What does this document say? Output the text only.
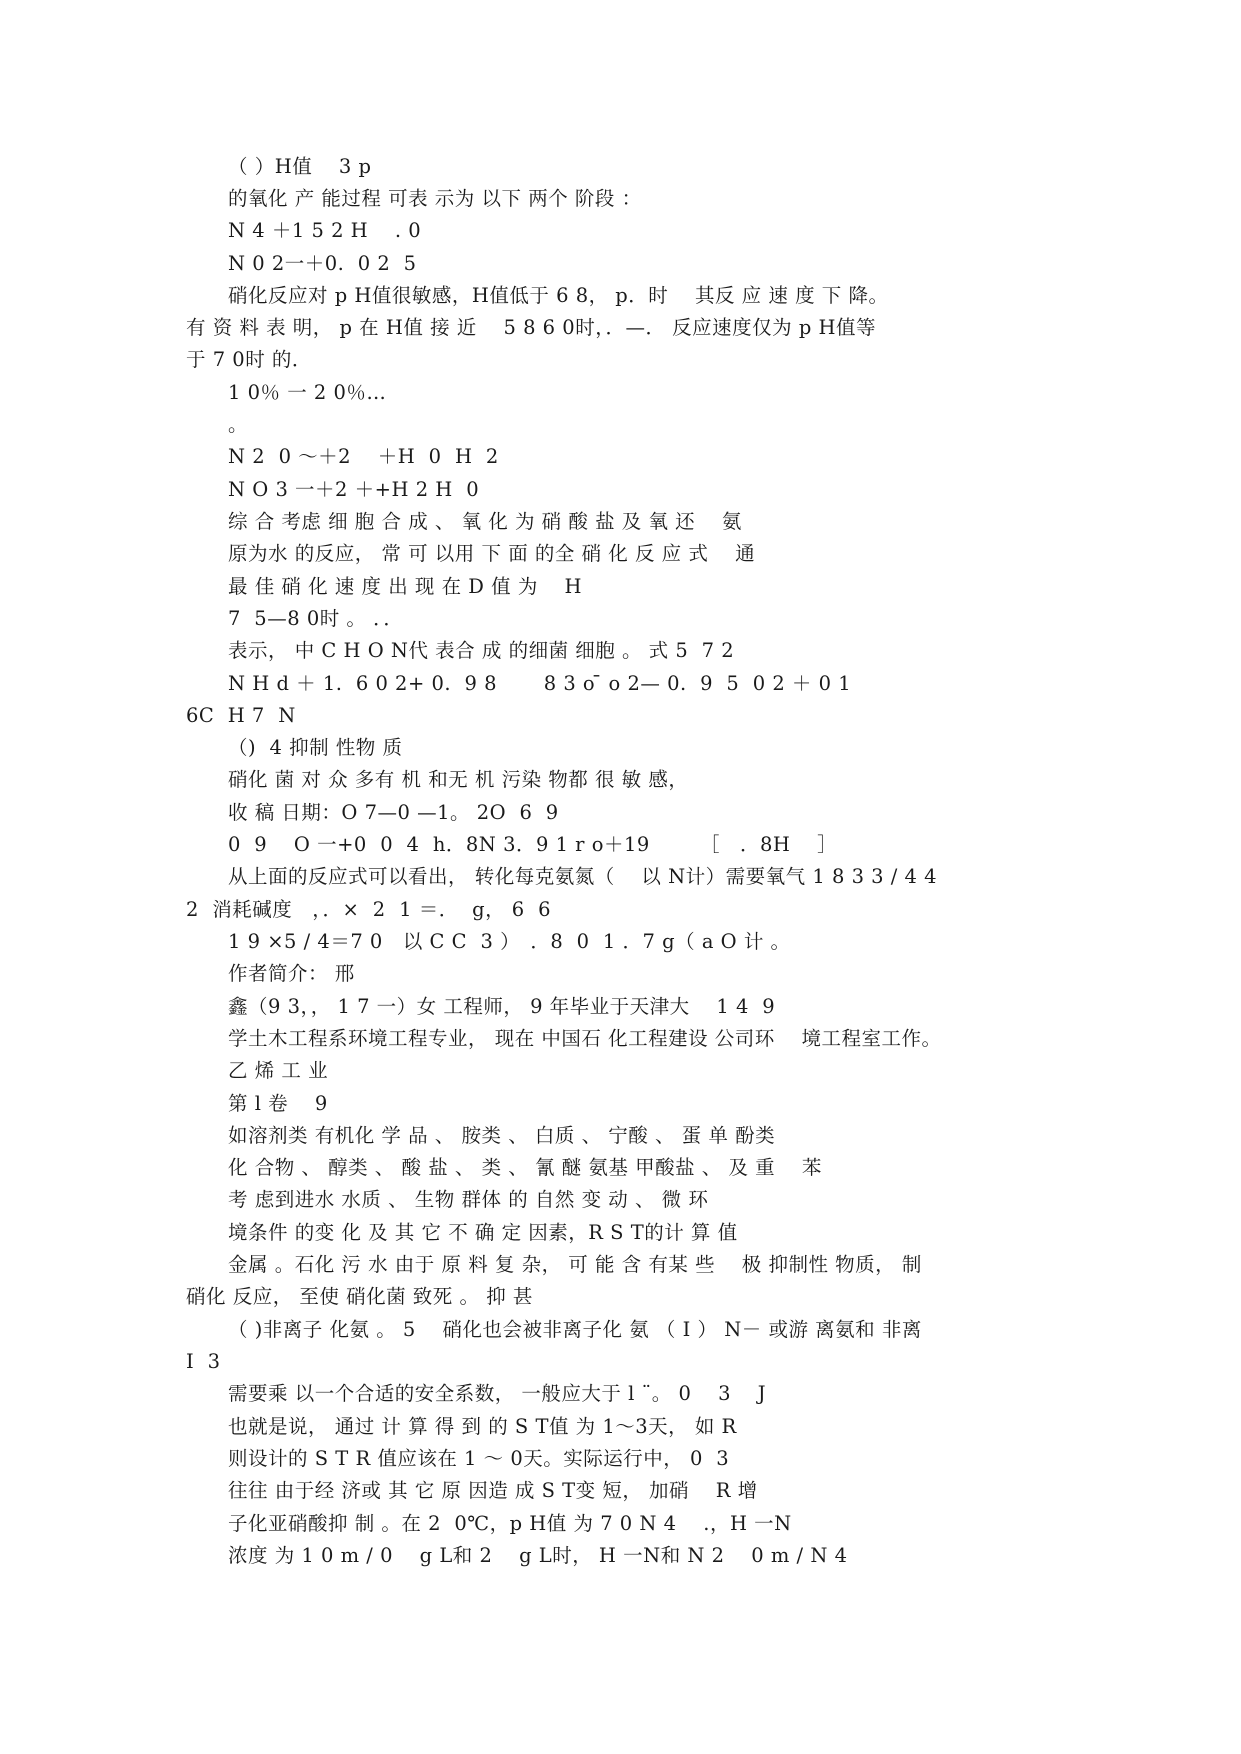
（ ）H值　 3 p
的氧化 产 能过程 可表 示为 以下 两个 阶段 ：
N 4 ＋1 5 2 H　 . 0
N 0 2一＋0.  0 2  5
硝化反应对 p H值很敏感，H值低于 6 8， p．时　 其反 应 速 度 下 降。
有 资 料 表 明， p 在 H值 接 近　 5 8 6 0时，．—． 反应速度仅为 p H值等
于 7 0时 的．
1 0％ 一 2 0％…
。
N 2  0 ～＋2　 ＋H  0  H  2
N O 3 一＋2 ＋+H 2 H  0
综 合 考虑 细 胞 合 成 、 氧 化 为 硝 酸 盐 及 氧 还　 氨
原为水 的反应， 常 可 以用 下 面 的全 硝 化 反 应 式　 通
最 佳 硝 化 速 度 出 现 在 D 值 为　 H
7  5—8 0时 。 ．．
表示， 中 C H O N代 表合 成 的细菌 细胞 。 式 5  7 2
N H d ＋ 1.  6 0 2+ 0.  9 8　　 8 3 o ̄ o 2— 0.  9  5  0 2 ＋ 0 1
6C  H 7  N
（)  4 抑制 性物 质
硝化 菌 对 众 多有 机 和无 机 污染 物都 很 敏 感，
收 稿 日期：O 7—0 —1。 2O  6  9
0  9　 O 一+0  0  4  h．8N 3．9 1 r o＋19　　　［　．8H　 ］
从上面的反应式可以看出， 转化每克氨氮（　 以 N计）需要氧气 1 8 3 3 / 4 4
2  消耗碱度　，．×  2  1 ＝．  g， 6  6
1 9 ×5 / 4＝7 0　以 C C  3 ）　．8  0  1 ．7 g（ a O 计 。
作者简介： 邢
鑫（9 3，， 1 7 一）女 工程师， 9 年毕业于天津大　 1 4  9
学土木工程系环境工程专业， 现在 中国石 化工程建设 公司环　 境工程室工作。
乙 烯 工 业
第 l 卷　 9
如溶剂类 有机化 学 品 、 胺类 、 白质 、 宁酸 、 蛋 单 酚类
化 合物 、 醇类 、 酸 盐 、 类 、 氰 醚 氨基 甲酸盐 、 及 重　 苯
考 虑到进水 水质 、 生物 群体 的 自然 变 动 、 微 环
境条件 的变 化 及 其 它 不 确 定 因素，R S T的计 算 值
金属 。石化 污 水 由于 原 料 复 杂， 可 能 含 有某 些　 极 抑制性 物质， 制
硝化 反应， 至使 硝化菌 致死 。 抑 甚
（ )非离子 化氨 。 5　 硝化也会被非离子化 氨 （ I ） N－ 或游 离氨和 非离
I  3
需要乘 以一个合适的安全系数， 一般应大于 l ¨。 0　 3　 J
也就是说， 通过 计 算 得 到 的 S T值 为 1～3天， 如 R
则设计的 S T R 值应该在 1 ～ 0天。实际运行中， 0  3
往往 由于经 济或 其 它 原 因造 成 S T变 短， 加硝　 R 增
子化亚硝酸抑 制 。在 2  0℃，p H值 为 7 0 N 4　 .，H 一N
浓度 为 1 0 m / 0　 g L和 2　 g L时， H 一N和 N 2　 0 m / N 4
